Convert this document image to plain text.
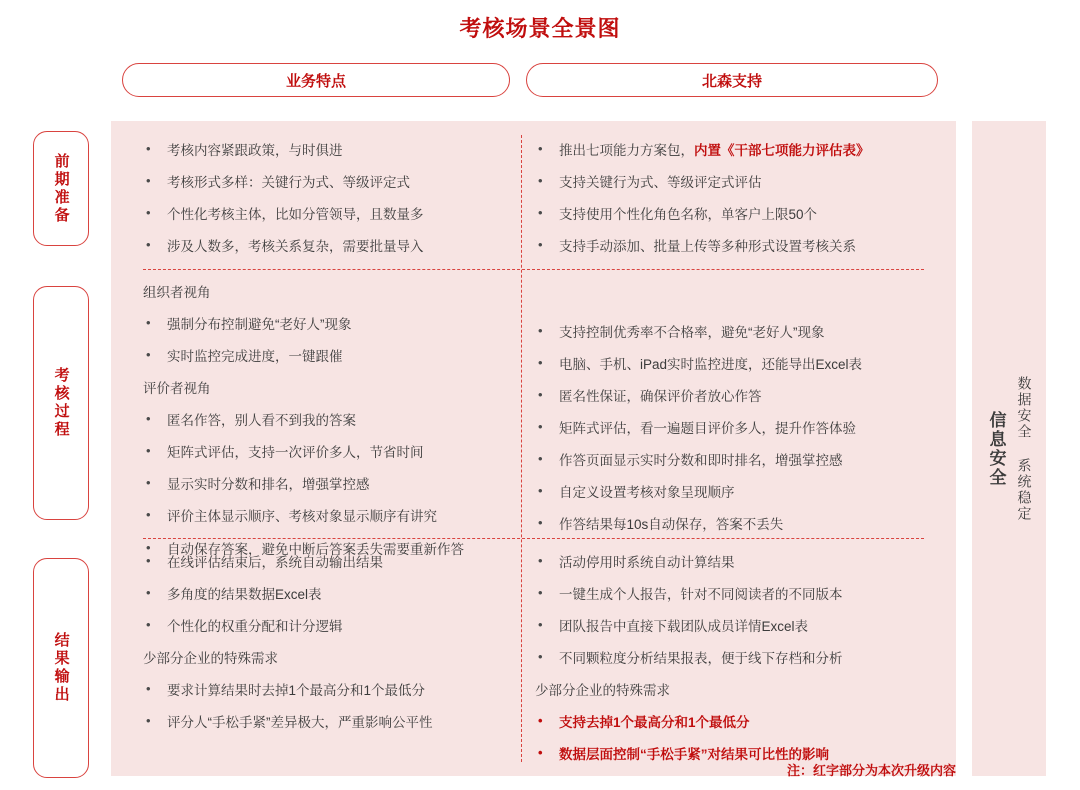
考核场景全景图
业务特点	北森支持
前期准备
考核过程
结果输出
• 考核内容紧跟政策，与时俱进
• 考核形式多样：关键行为式、等级评定式
• 个性化考核主体，比如分管领导，且数量多
• 涉及人数多，考核关系复杂，需要批量导入
• 推出七项能力方案包，内置《干部七项能力评估表》
• 支持关键行为式、等级评定式评估
• 支持使用个性化角色名称，单客户上限50个
• 支持手动添加、批量上传等多种形式设置考核关系
组织者视角
• 强制分布控制避免“老好人”现象
• 实时监控完成进度，一键跟催
评价者视角
• 匿名作答，别人看不到我的答案
• 矩阵式评估，支持一次评价多人，节省时间
• 显示实时分数和排名，增强掌控感
• 评价主体显示顺序、考核对象显示顺序有讲究
• 自动保存答案，避免中断后答案丢失需要重新作答
• 支持控制优秀率不合格率，避免“老好人”现象
• 电脑、手机、iPad实时监控进度，还能导出Excel表
• 匿名性保证，确保评价者放心作答
• 矩阵式评估，看一遍题目评价多人，提升作答体验
• 作答页面显示实时分数和即时排名，增强掌控感
• 自定义设置考核对象呈现顺序
• 作答结果每10s自动保存，答案不丢失
• 在线评估结束后，系统自动输出结果
• 多角度的结果数据Excel表
• 个性化的权重分配和计分逻辑
少部分企业的特殊需求
• 要求计算结果时去掉1个最高分和1个最低分
• 评分人“手松手紧”差异极大，严重影响公平性
• 活动停用时系统自动计算结果
• 一键生成个人报告，针对不同阅读者的不同版本
• 团队报告中直接下载团队成员详情Excel表
• 不同颗粒度分析结果报表，便于线下存档和分析
少部分企业的特殊需求
• 支持去掉1个最高分和1个最低分
• 数据层面控制“手松手紧”对结果可比性的影响
信息安全 数据安全 系统稳定
注：红字部分为本次升级内容
